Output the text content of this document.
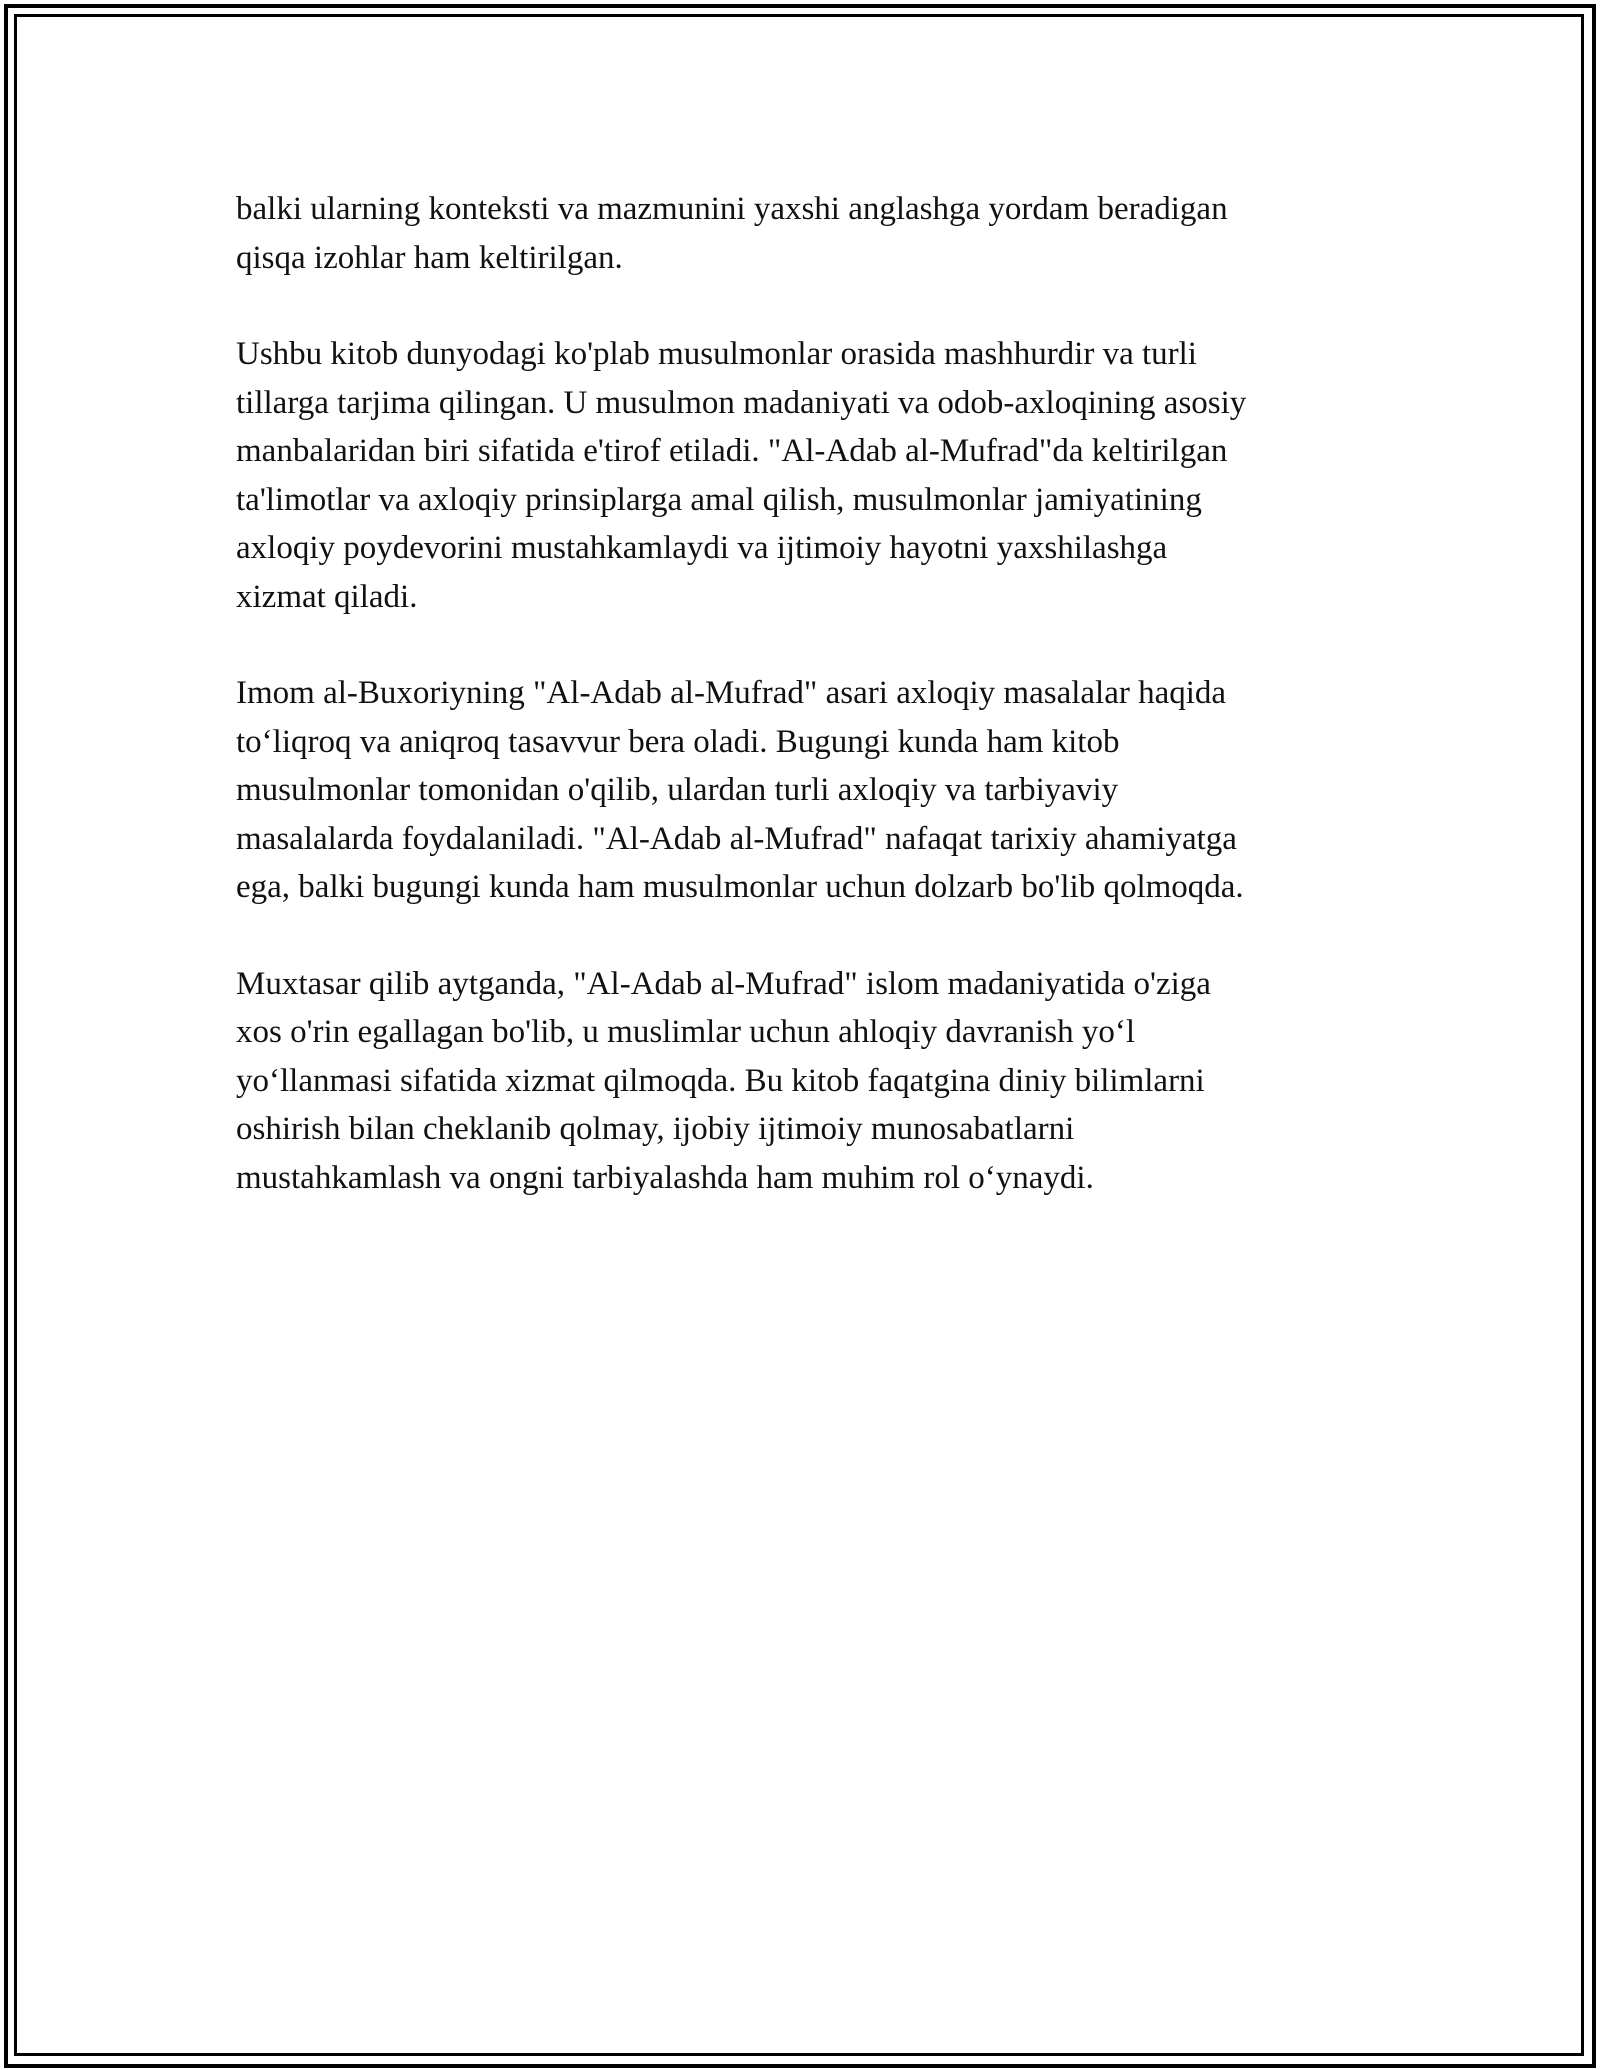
balki ularning konteksti va mazmunini yaxshi anglashga yordam beradigan
qisqa izohlar ham keltirilgan.

Ushbu kitob dunyodagi ko'plab musulmonlar orasida mashhurdir va turli
tillarga tarjima qilingan. U musulmon madaniyati va odob-axloqining asosiy
manbalaridan biri sifatida e'tirof etiladi. "Al-Adab al-Mufrad"da keltirilgan
ta'limotlar va axloqiy prinsiplarga amal qilish, musulmonlar jamiyatining
axloqiy poydevorini mustahkamlaydi va ijtimoiy hayotni yaxshilashga
xizmat qiladi.

Imom al-Buxoriyning "Al-Adab al-Mufrad" asari axloqiy masalalar haqida
to‘liqroq va aniqroq tasavvur bera oladi. Bugungi kunda ham kitob
musulmonlar tomonidan o'qilib, ulardan turli axloqiy va tarbiyaviy
masalalarda foydalaniladi. "Al-Adab al-Mufrad" nafaqat tarixiy ahamiyatga
ega, balki bugungi kunda ham musulmonlar uchun dolzarb bo'lib qolmoqda.

Muxtasar qilib aytganda, "Al-Adab al-Mufrad" islom madaniyatida o'ziga
xos o'rin egallagan bo'lib, u muslimlar uchun ahloqiy davranish yo‘l
yo‘llanmasi sifatida xizmat qilmoqda. Bu kitob faqatgina diniy bilimlarni
oshirish bilan cheklanib qolmay, ijobiy ijtimoiy munosabatlarni
mustahkamlash va ongni tarbiyalashda ham muhim rol o‘ynaydi.
